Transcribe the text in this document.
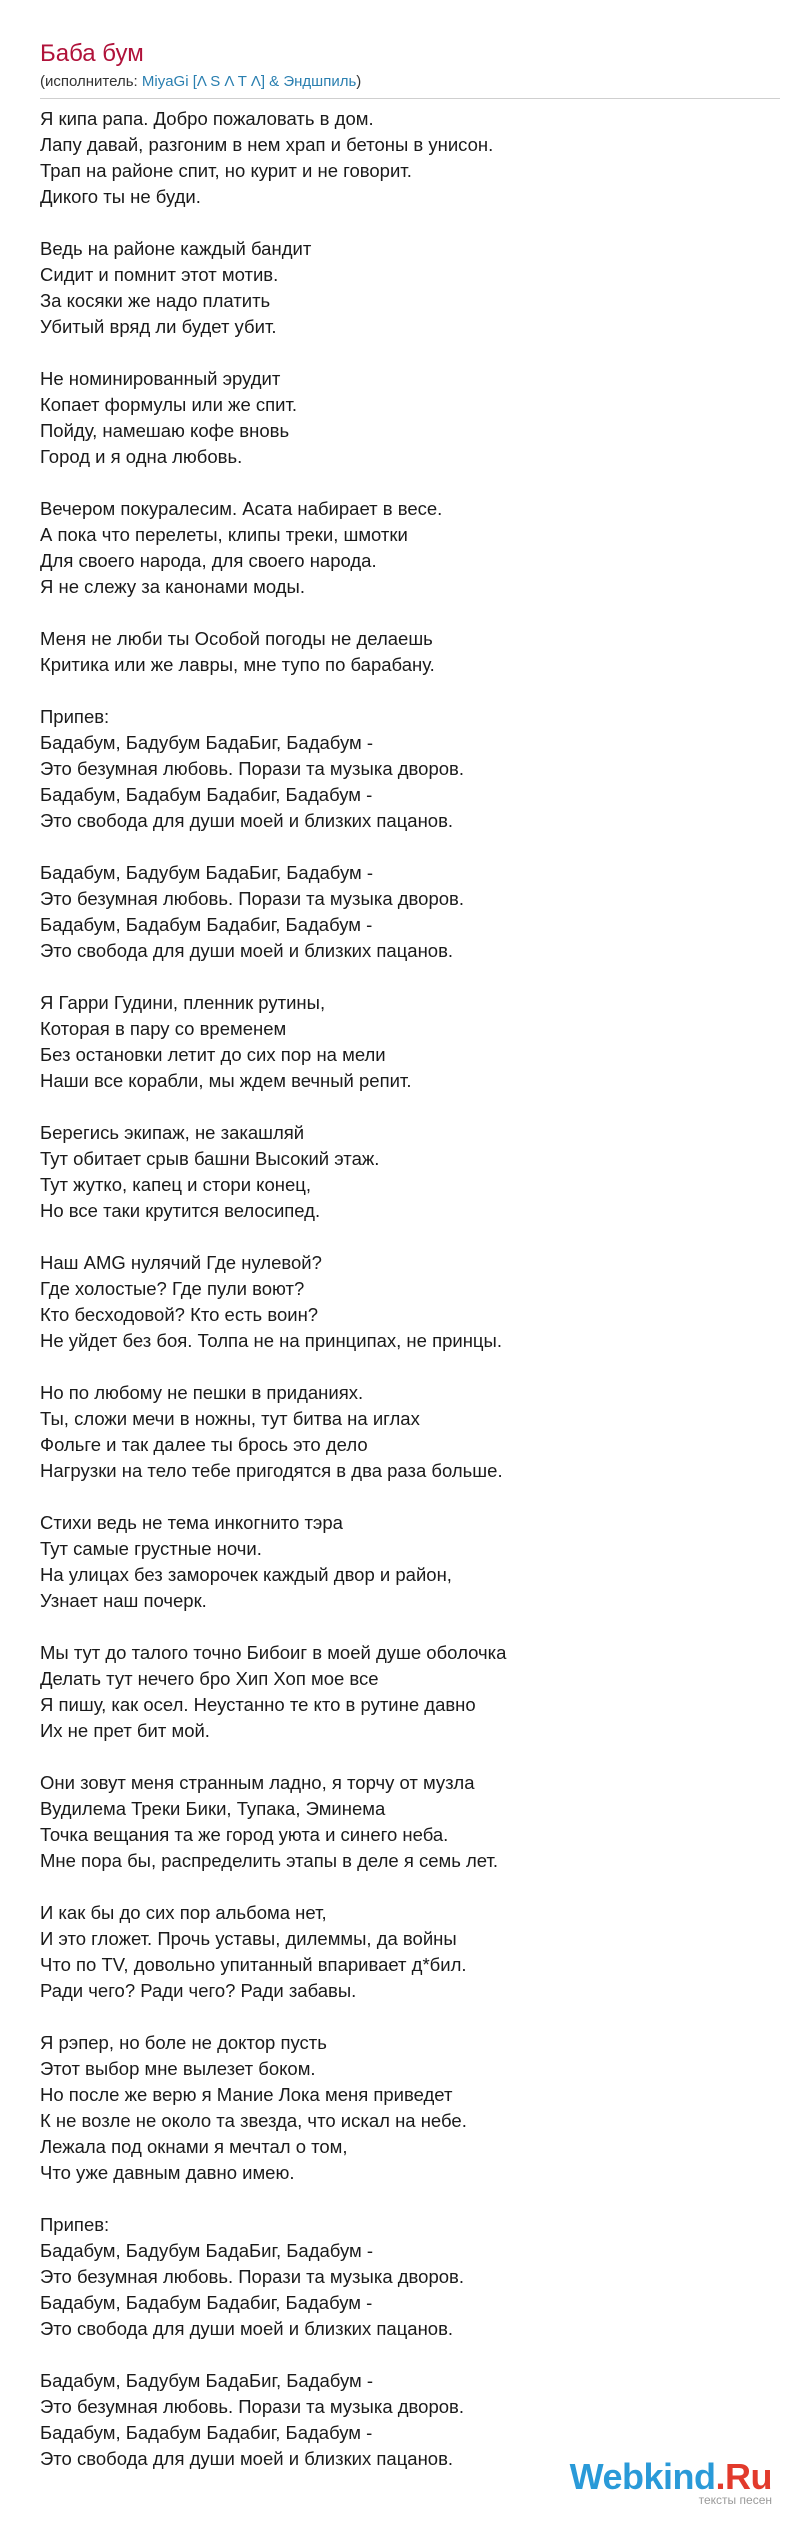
Баба бум
(исполнитель: MiyaGi [Λ S Λ T Λ] & Эндшпиль)
Я кипа рапа. Добро пожаловать в дом.
Лапу давай, разгоним в нем храп и бетоны в унисон.
Трап на районе спит, но курит и не говорит.
Дикого ты не буди.
Ведь на районе каждый бандит
Сидит и помнит этот мотив.
За косяки же надо платить
Убитый вряд ли будет убит.
Не номинированный эрудит
Копает формулы или же спит.
Пойду, намешаю кофе вновь
Город и я одна любовь.
Вечером покуралесим. Асата набирает в весе.
А пока что перелеты, клипы треки, шмотки
Для своего народа, для своего народа.
Я не слежу за канонами моды.
Меня не люби ты Особой погоды не делаешь
Критика или же лавры, мне тупо по барабану.
Припев:
Бадабум, Бадубум БадаБиг, Бадабум -
Это безумная любовь. Порази та музыка дворов.
Бадабум, Бадабум Бадабиг, Бадабум -
Это свобода для души моей и близких пацанов.
Бадабум, Бадубум БадаБиг, Бадабум -
Это безумная любовь. Порази та музыка дворов.
Бадабум, Бадабум Бадабиг, Бадабум -
Это свобода для души моей и близких пацанов.
Я Гарри Гудини, пленник рутины,
Которая в пару со временем
Без остановки летит до сих пор на мели
Наши все корабли, мы ждем вечный репит.
Берегись экипаж, не закашляй
Тут обитает срыв башни Высокий этаж.
Тут жутко, капец и стори конец,
Но все таки крутится велосипед.
Наш AMG нулячий Где нулевой?
Где холостые? Где пули воют?
Кто бесходовой? Кто есть воин?
Не уйдет без боя. Толпа не на принципах, не принцы.
Но по любому не пешки в приданиях.
Ты, сложи мечи в ножны, тут битва на иглах
Фольге и так далее ты брось это дело
Нагрузки на тело тебе пригодятся в два раза больше.
Стихи ведь не тема инкогнито тэра
Тут самые грустные ночи.
На улицах без заморочек каждый двор и район,
Узнает наш почерк.
Мы тут до талого точно Бибоиг в моей душе оболочка
Делать тут нечего бро Хип Хоп мое все
Я пишу, как осел. Неустанно те кто в рутине давно
Их не прет бит мой.
Они зовут меня странным ладно, я торчу от музла
Вудилема Треки Бики, Тупака, Эминема
Точка вещания та же город уюта и синего неба.
Мне пора бы, распределить этапы в деле я семь лет.
И как бы до сих пор альбома нет,
И это гложет. Прочь уставы, дилеммы, да войны
Что по TV, довольно упитанный впаривает д*бил.
Ради чего? Ради чего? Ради забавы.
Я рэпер, но боле не доктор пусть
Этот выбор мне вылезет боком.
Но после же верю я Мание Лока меня приведет
К не возле не около та звезда, что искал на небе.
Лежала под окнами я мечтал о том,
Что уже давным давно имею.
Припев:
Бадабум, Бадубум БадаБиг, Бадабум -
Это безумная любовь. Порази та музыка дворов.
Бадабум, Бадабум Бадабиг, Бадабум -
Это свобода для души моей и близких пацанов.
Бадабум, Бадубум БадаБиг, Бадабум -
Это безумная любовь. Порази та музыка дворов.
Бадабум, Бадабум Бадабиг, Бадабум -
Это свобода для души моей и близких пацанов.	Webkind.Ru
тексты песен
